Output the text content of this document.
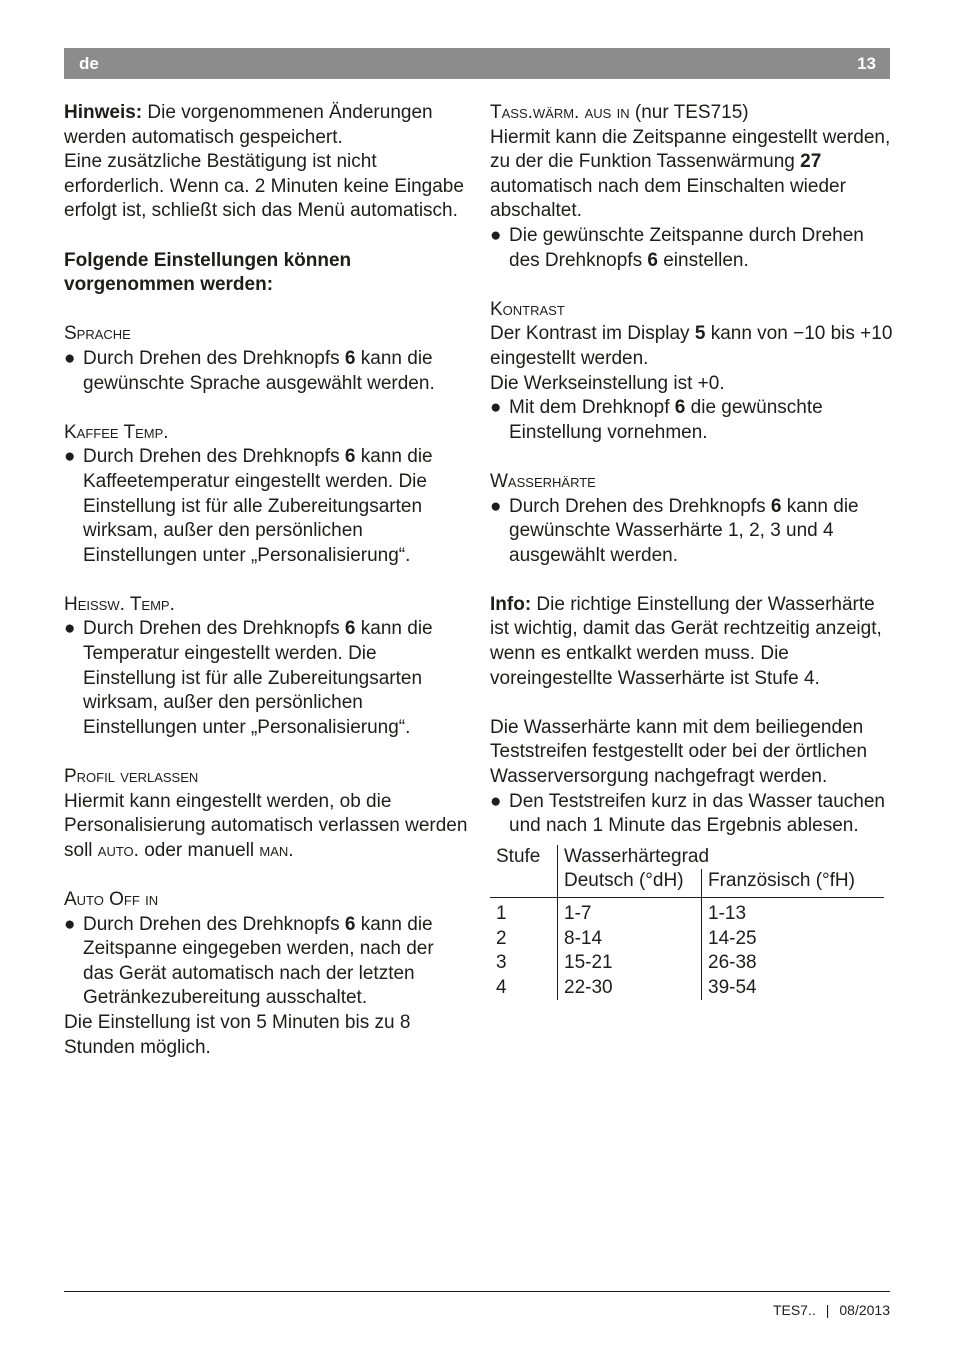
de	13

Hinweis: Die vorgenommenen Änderungen werden automatisch gespeichert.

Eine zusätzliche Bestätigung ist nicht erforderlich. Wenn ca. 2 Minuten keine Eingabe erfolgt ist, schließt sich das Menü automatisch.

Folgende Einstellungen können vorgenommen werden:

Sprache

● Durch Drehen des Drehknopfs 6 kann die gewünschte Sprache ausgewählt werden.

Kaffee Temp.

● Durch Drehen des Drehknopfs 6 kann die Kaffeetemperatur eingestellt werden. Die Einstellung ist für alle Zubereitungsarten wirksam, außer den persönlichen Einstellungen unter „Personalisierung“.

Heissw. Temp.

● Durch Drehen des Drehknopfs 6 kann die Temperatur eingestellt werden. Die Einstellung ist für alle Zubereitungsarten wirksam, außer den persönlichen Einstellungen unter „Personalisierung“.

Profil verlassen

Hiermit kann eingestellt werden, ob die Personalisierung automatisch verlassen werden soll auto. oder manuell man.

Auto Off in

● Durch Drehen des Drehknopfs 6 kann die Zeitspanne eingegeben werden, nach der das Gerät automatisch nach der letzten Getränkezubereitung ausschaltet.

Die Einstellung ist von 5 Minuten bis zu 8 Stunden möglich.

Tass.wärm. aus in (nur TES715)

Hiermit kann die Zeitspanne eingestellt werden, zu der die Funktion Tassenwärmung 27 automatisch nach dem Einschalten wieder abschaltet.

● Die gewünschte Zeitspanne durch Drehen des Drehknopfs 6 einstellen.

Kontrast

Der Kontrast im Display 5 kann von −10 bis +10 eingestellt werden.

Die Werkseinstellung ist +0.

● Mit dem Drehknopf 6 die gewünschte Einstellung vornehmen.

Wasserhärte

● Durch Drehen des Drehknopfs 6 kann die gewünschte Wasserhärte 1, 2, 3 und 4 ausgewählt werden.

Info: Die richtige Einstellung der Wasserhärte ist wichtig, damit das Gerät rechtzeitig anzeigt, wenn es entkalkt werden muss. Die voreingestellte Wasserhärte ist Stufe 4.

Die Wasserhärte kann mit dem beiliegenden Teststreifen festgestellt oder bei der örtlichen Wasserversorgung nachgefragt werden.

● Den Teststreifen kurz in das Wasser tauchen und nach 1 Minute das Ergebnis ablesen.
Stufe	Wasserhärtegrad	
	Deutsch (°dH)	Französisch (°fH)
1	1-7	1-13
2	8-14	14-25
3	15-21	26-38
4	22-30	39-54
TES7.. | 08/2013
